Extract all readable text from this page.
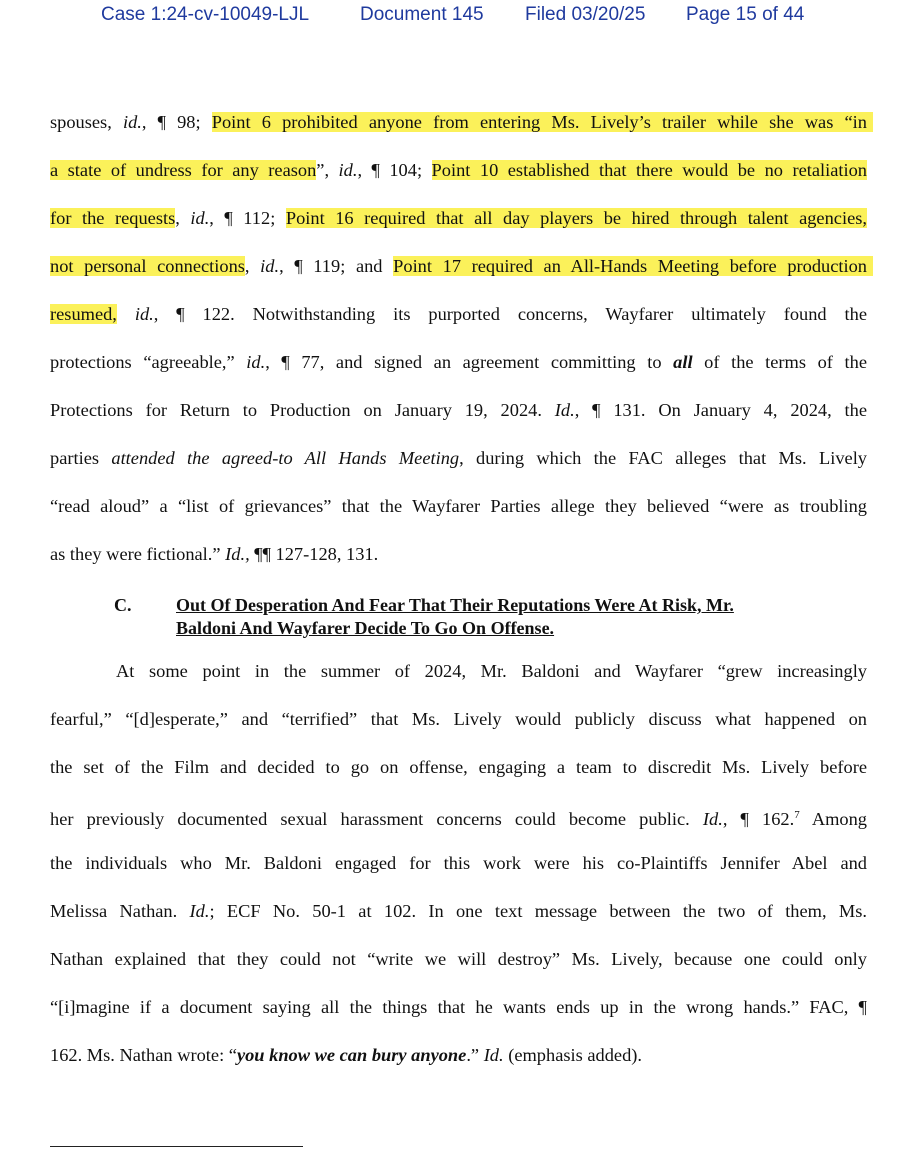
Case 1:24-cv-10049-LJL	Document 145 Filed 03/20/25 Page 15 of 44
spouses, id., ¶ 98; Point 6 prohibited anyone from entering Ms. Lively’s trailer while she was “in
a state of undress for any reason”, id., ¶ 104; Point 10 established that there would be no retaliation
for the requests, id., ¶ 112; Point 16 required that all day players be hired through talent agencies,
not personal connections, id., ¶ 119; and Point 17 required an All-Hands Meeting before production
resumed, id., ¶ 122. Notwithstanding its purported concerns, Wayfarer ultimately found the
protections “agreeable,” id., ¶ 77, and signed an agreement committing to all of the terms of the
Protections for Return to Production on January 19, 2024. Id., ¶ 131. On January 4, 2024, the
parties attended the agreed-to All Hands Meeting, during which the FAC alleges that Ms. Lively
“read aloud” a “list of grievances” that the Wayfarer Parties allege they believed “were as troubling
as they were fictional.” Id., ¶¶ 127-128, 131.
C. Out Of Desperation And Fear That Their Reputations Were At Risk, Mr.
Baldoni And Wayfarer Decide To Go On Offense.
At some point in the summer of 2024, Mr. Baldoni and Wayfarer “grew increasingly
fearful,” “[d]esperate,” and “terrified” that Ms. Lively would publicly discuss what happened on
the set of the Film and decided to go on offense, engaging a team to discredit Ms. Lively before
her previously documented sexual harassment concerns could become public. Id., ¶ 162.$^7$ Among
the individuals who Mr. Baldoni engaged for this work were his co-Plaintiffs Jennifer Abel and
Melissa Nathan. Id.; ECF No. 50-1 at 102. In one text message between the two of them, Ms.
Nathan explained that they could not “write we will destroy” Ms. Lively, because one could only
“[i]magine if a document saying all the things that he wants ends up in the wrong hands.” FAC, ¶
162. Ms. Nathan wrote: “you know we can bury anyone.” Id. (emphasis added).
